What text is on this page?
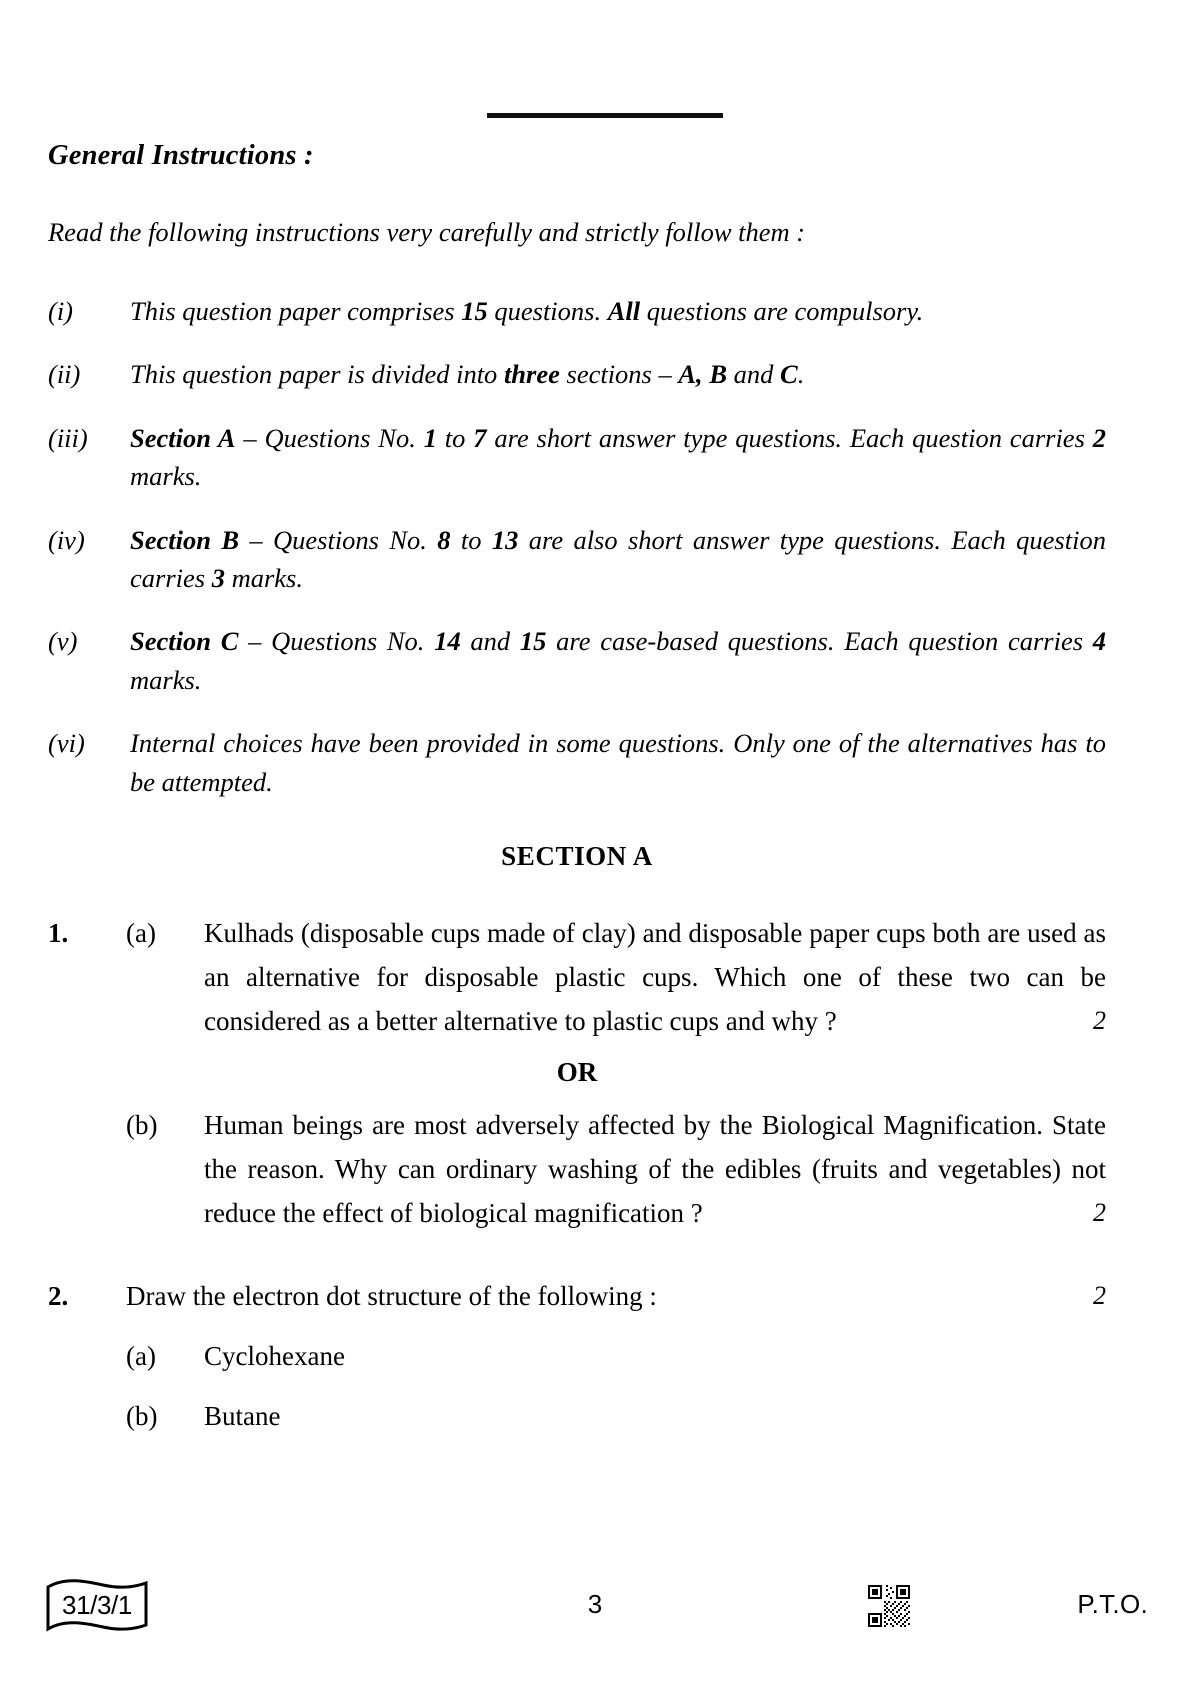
General Instructions :
Read the following instructions very carefully and strictly follow them :
(i)	This question paper comprises 15 questions. All questions are compulsory.
(ii)	This question paper is divided into three sections – A, B and C.
(iii)	Section A – Questions No. 1 to 7 are short answer type questions. Each question carries 2 marks.
(iv)	Section B – Questions No. 8 to 13 are also short answer type questions. Each question carries 3 marks.
(v)	Section C – Questions No. 14 and 15 are case-based questions. Each question carries 4 marks.
(vi)	Internal choices have been provided in some questions. Only one of the alternatives has to be attempted.
SECTION A
1.	(a)	Kulhads (disposable cups made of clay) and disposable paper cups both are used as an alternative for disposable plastic cups. Which one of these two can be considered as a better alternative to plastic cups and why ?	2
OR
(b)	Human beings are most adversely affected by the Biological Magnification. State the reason. Why can ordinary washing of the edibles (fruits and vegetables) not reduce the effect of biological magnification ?	2
2.	Draw the electron dot structure of the following :	2
(a)	Cyclohexane
(b)	Butane
31/3/1	3	P.T.O.
